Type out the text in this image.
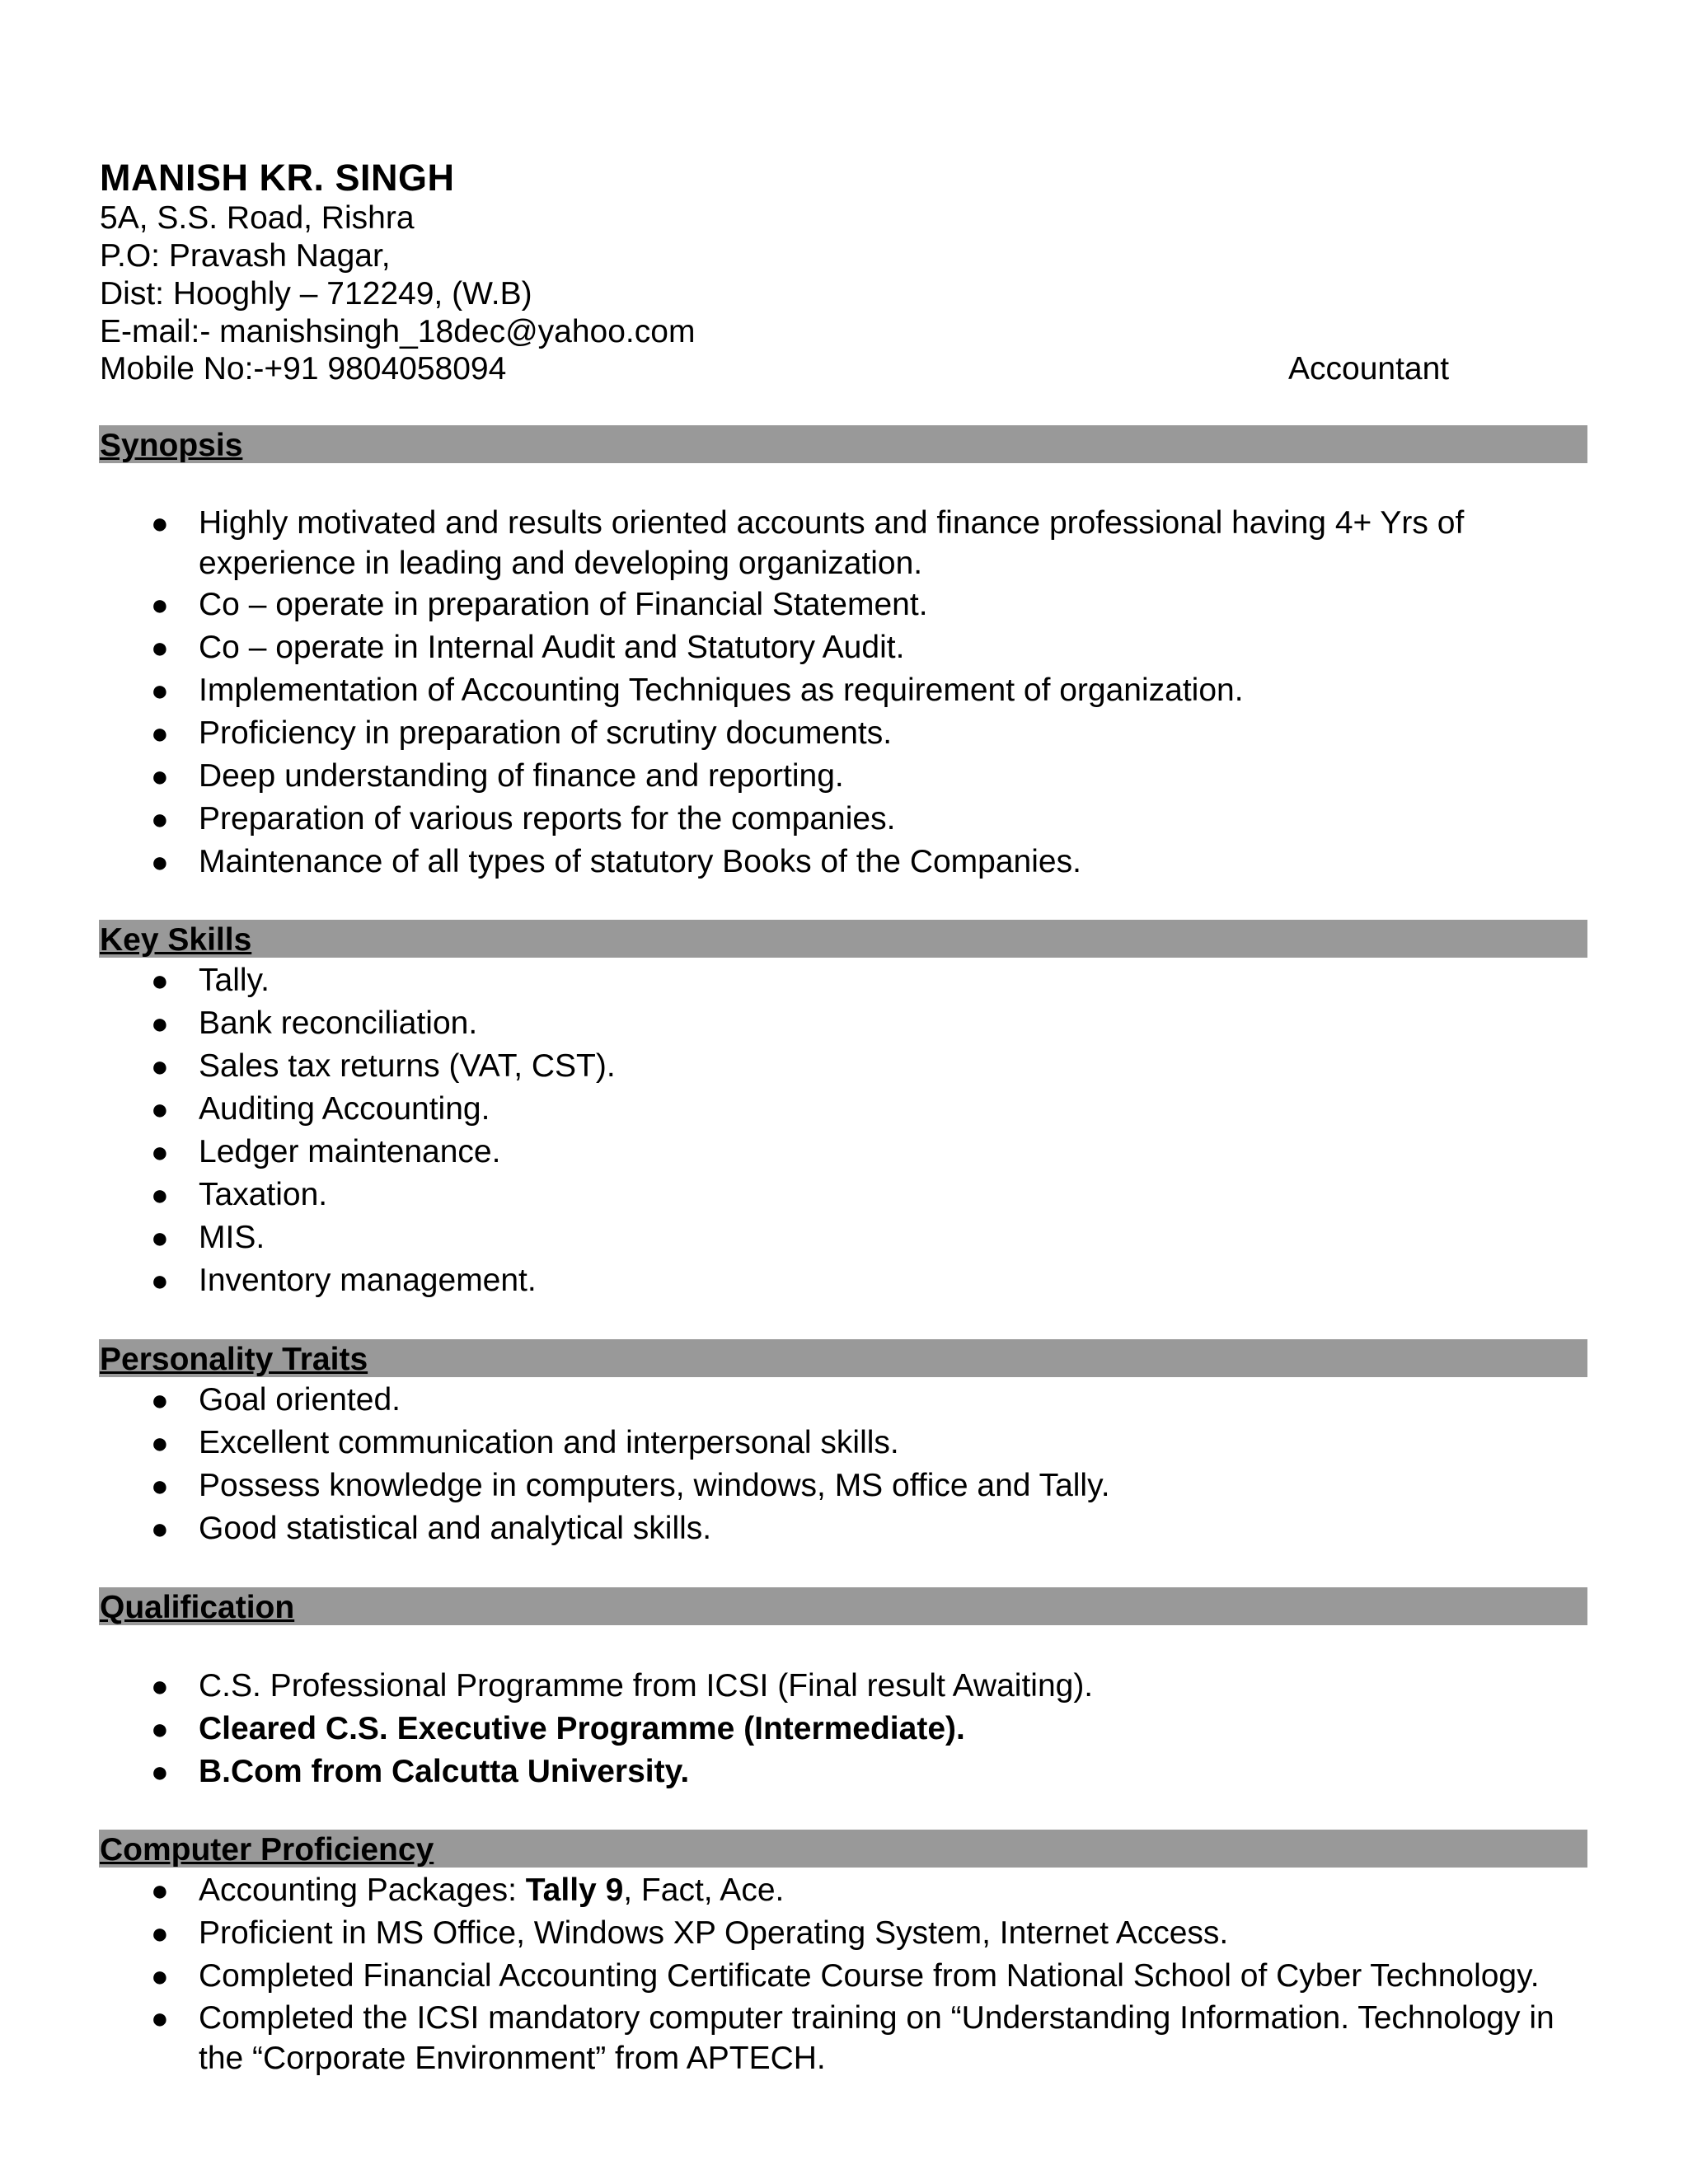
MANISH KR. SINGH
5A, S.S. Road, Rishra
P.O: Pravash Nagar,
Dist: Hooghly – 712249, (W.B)
E-mail:- manishsingh_18dec@yahoo.com
Mobile No:-+91 9804058094	Accountant
Synopsis
● Highly motivated and results oriented accounts and finance professional having 4+ Yrs of experience in leading and developing organization.
● Co – operate in preparation of Financial Statement.
● Co – operate in Internal Audit and Statutory Audit.
● Implementation of Accounting Techniques as requirement of organization.
● Proficiency in preparation of scrutiny documents.
● Deep understanding of finance and reporting.
● Preparation of various reports for the companies.
● Maintenance of all types of statutory Books of the Companies.
Key Skills
● Tally.
● Bank reconciliation.
● Sales tax returns (VAT, CST).
● Auditing Accounting.
● Ledger maintenance.
● Taxation.
● MIS.
● Inventory management.
Personality Traits
● Goal oriented.
● Excellent communication and interpersonal skills.
● Possess knowledge in computers, windows, MS office and Tally.
● Good statistical and analytical skills.
Qualification
● C.S. Professional Programme from ICSI (Final result Awaiting).
● Cleared C.S. Executive Programme (Intermediate).
● B.Com from Calcutta University.
Computer Proficiency
● Accounting Packages: Tally 9, Fact, Ace.
● Proficient in MS Office, Windows XP Operating System, Internet Access.
● Completed Financial Accounting Certificate Course from National School of Cyber Technology.
● Completed the ICSI mandatory computer training on “Understanding Information. Technology in the “Corporate Environment” from APTECH.
